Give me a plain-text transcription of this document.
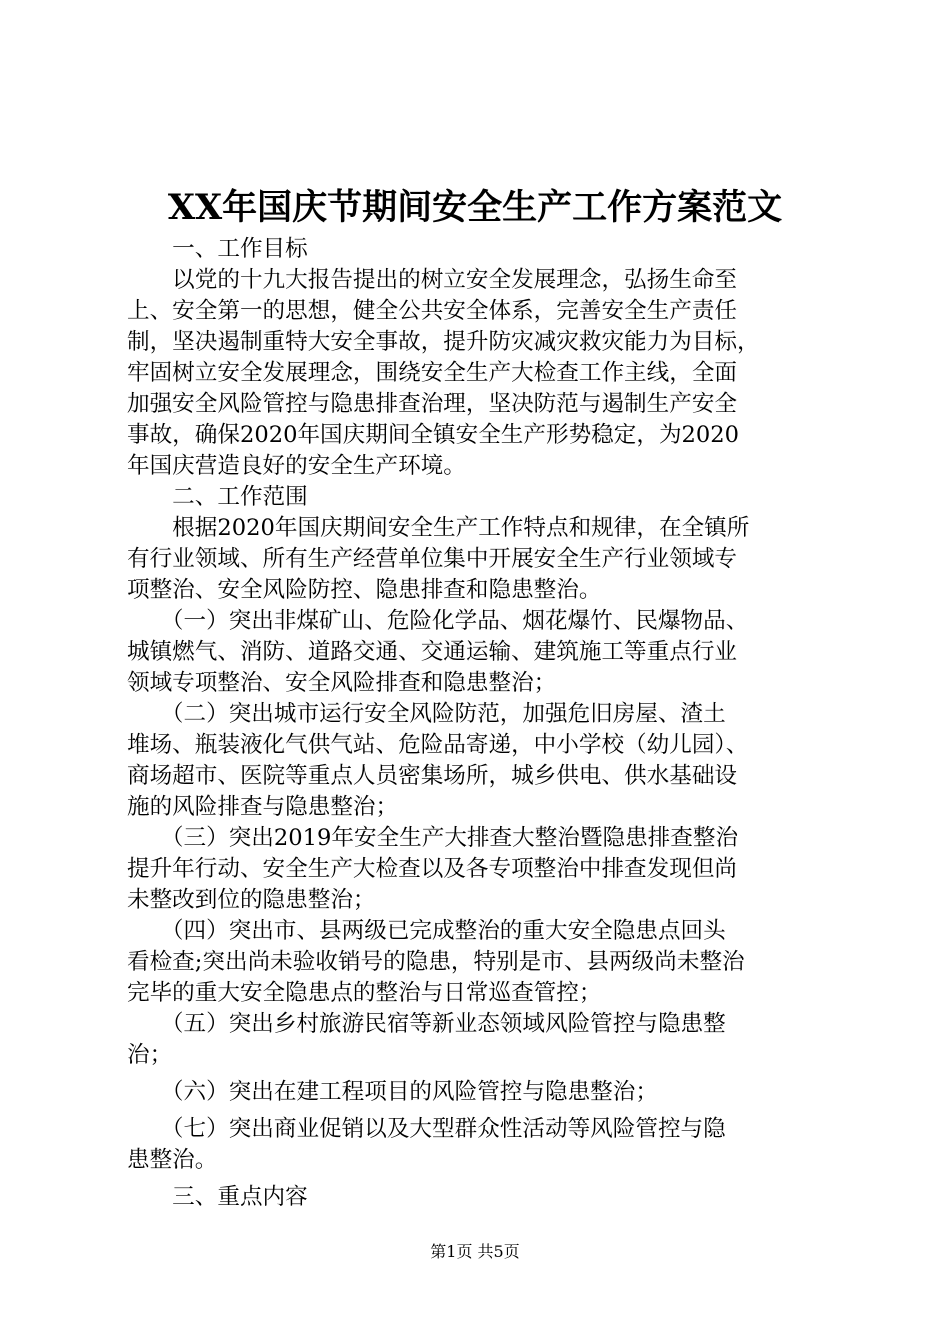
XX年国庆节期间安全生产工作方案范文
　　一、工作目标
　　以党的十九大报告提出的树立安全发展理念，弘扬生命至
上、安全第一的思想，健全公共安全体系，完善安全生产责任
制，坚决遏制重特大安全事故，提升防灾减灾救灾能力为目标，
牢固树立安全发展理念，围绕安全生产大检查工作主线，全面
加强安全风险管控与隐患排查治理，坚决防范与遏制生产安全
事故，确保2020年国庆期间全镇安全生产形势稳定，为2020
年国庆营造良好的安全生产环境。
　　二、工作范围
　　根据2020年国庆期间安全生产工作特点和规律，在全镇所
有行业领域、所有生产经营单位集中开展安全生产行业领域专
项整治、安全风险防控、隐患排查和隐患整治。
　　（一）突出非煤矿山、危险化学品、烟花爆竹、民爆物品、
城镇燃气、消防、道路交通、交通运输、建筑施工等重点行业
领域专项整治、安全风险排查和隐患整治；
　　（二）突出城市运行安全风险防范，加强危旧房屋、渣土
堆场、瓶装液化气供气站、危险品寄递，中小学校（幼儿园）、
商场超市、医院等重点人员密集场所，城乡供电、供水基础设
施的风险排查与隐患整治；
　　（三）突出2019年安全生产大排查大整治暨隐患排查整治
提升年行动、安全生产大检查以及各专项整治中排查发现但尚
未整改到位的隐患整治；
　　（四）突出市、县两级已完成整治的重大安全隐患点回头
看检查;突出尚未验收销号的隐患，特别是市、县两级尚未整治
完毕的重大安全隐患点的整治与日常巡查管控；
　　（五）突出乡村旅游民宿等新业态领域风险管控与隐患整
治；
　　（六）突出在建工程项目的风险管控与隐患整治；
　　（七）突出商业促销以及大型群众性活动等风险管控与隐
患整治。
　　三、重点内容
第1页 共5页
